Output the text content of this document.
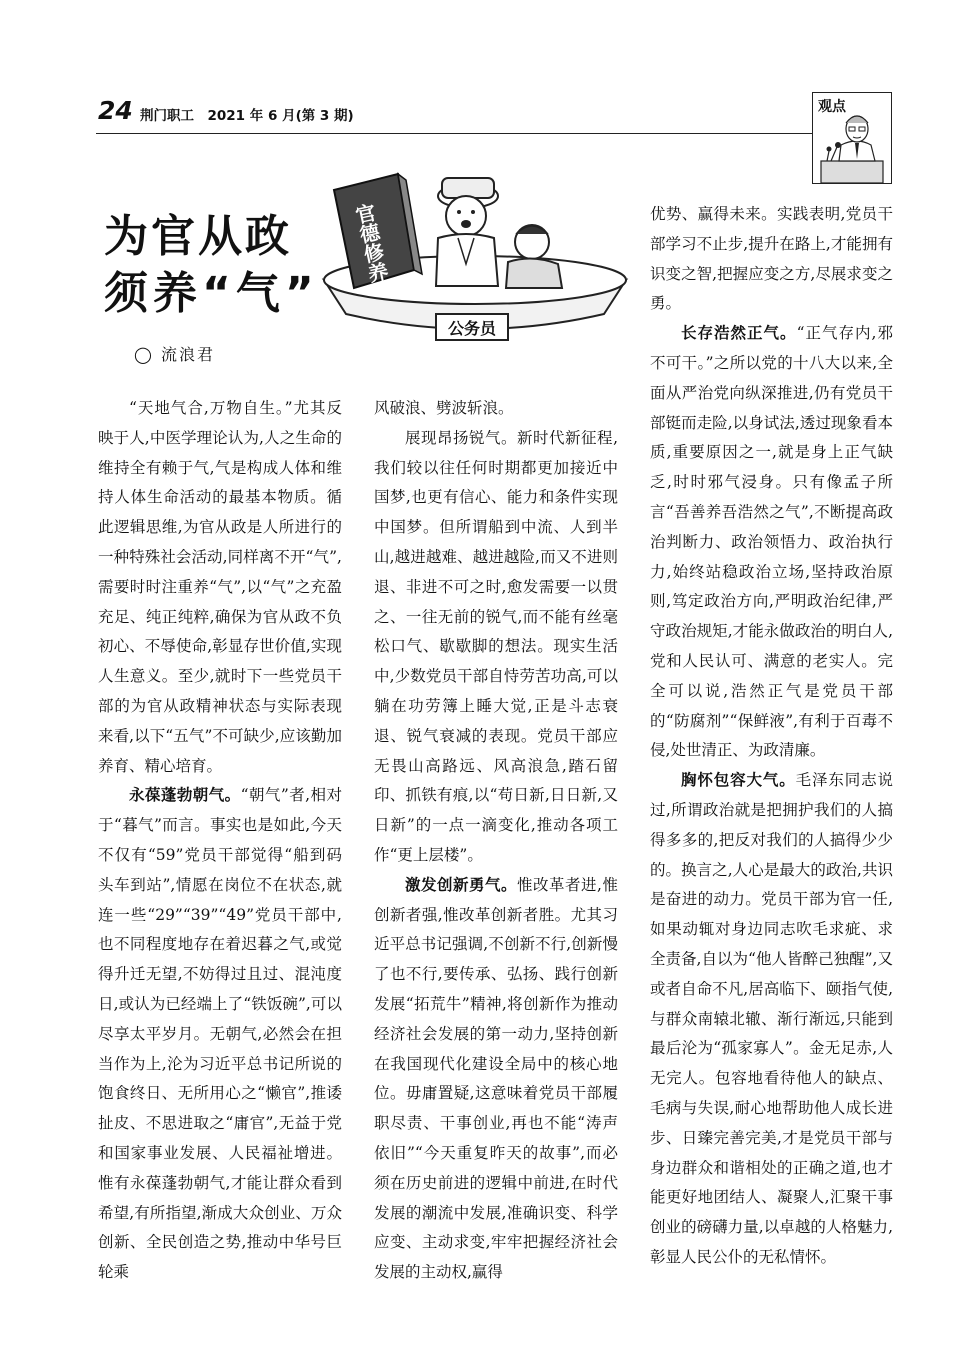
24 荆门职工　2021 年 6 月(第 3 期)
观点
为官从政
须养“气”
官德修养
公务员
◯ 流浪君

“天地气合,万物自生。”尤其反映于人,中医学理论认为,人之生命的维持全有赖于气,气是构成人体和维持人体生命活动的最基本物质。循此逻辑思维,为官从政是人所进行的一种特殊社会活动,同样离不开“气”,需要时时注重养“气”,以“气”之充盈充足、纯正纯粹,确保为官从政不负初心、不辱使命,彰显存世价值,实现人生意义。至少,就时下一些党员干部的为官从政精神状态与实际表现来看,以下“五气”不可缺少,应该勤加养育、精心培育。

永葆蓬勃朝气。“朝气”者,相对于“暮气”而言。事实也是如此,今天不仅有“59”党员干部觉得“船到码头车到站”,情愿在岗位不在状态,就连一些“29”“39”“49”党员干部中,也不同程度地存在着迟暮之气,或觉得升迁无望,不妨得过且过、混沌度日,或认为已经端上了“铁饭碗”,可以尽享太平岁月。无朝气,必然会在担当作为上,沦为习近平总书记所说的饱食终日、无所用心之“懒官”,推诿扯皮、不思进取之“庸官”,无益于党和国家事业发展、人民福祉增进。惟有永葆蓬勃朝气,才能让群众看到希望,有所指望,渐成大众创业、万众创新、全民创造之势,推动中华号巨轮乘

风破浪、劈波斩浪。

展现昂扬锐气。新时代新征程,我们较以往任何时期都更加接近中国梦,也更有信心、能力和条件实现中国梦。但所谓船到中流、人到半山,越进越难、越进越险,而又不进则退、非进不可之时,愈发需要一以贯之、一往无前的锐气,而不能有丝毫松口气、歇歇脚的想法。现实生活中,少数党员干部自恃劳苦功高,可以躺在功劳簿上睡大觉,正是斗志衰退、锐气衰减的表现。党员干部应无畏山高路远、风高浪急,踏石留印、抓铁有痕,以“苟日新,日日新,又日新”的一点一滴变化,推动各项工作“更上层楼”。

激发创新勇气。惟改革者进,惟创新者强,惟改革创新者胜。尤其习近平总书记强调,不创新不行,创新慢了也不行,要传承、弘扬、践行创新发展“拓荒牛”精神,将创新作为推动经济社会发展的第一动力,坚持创新在我国现代化建设全局中的核心地位。毋庸置疑,这意味着党员干部履职尽责、干事创业,再也不能“涛声依旧”“今天重复昨天的故事”,而必须在历史前进的逻辑中前进,在时代发展的潮流中发展,准确识变、科学应变、主动求变,牢牢把握经济社会发展的主动权,赢得

优势、赢得未来。实践表明,党员干部学习不止步,提升在路上,才能拥有识变之智,把握应变之方,尽展求变之勇。

长存浩然正气。“正气存内,邪不可干。”之所以党的十八大以来,全面从严治党向纵深推进,仍有党员干部铤而走险,以身试法,透过现象看本质,重要原因之一,就是身上正气缺乏,时时邪气浸身。只有像孟子所言“吾善养吾浩然之气”,不断提高政治判断力、政治领悟力、政治执行力,始终站稳政治立场,坚持政治原则,笃定政治方向,严明政治纪律,严守政治规矩,才能永做政治的明白人,党和人民认可、满意的老实人。完全可以说,浩然正气是党员干部的“防腐剂”“保鲜液”,有利于百毒不侵,处世清正、为政清廉。

胸怀包容大气。毛泽东同志说过,所谓政治就是把拥护我们的人搞得多多的,把反对我们的人搞得少少的。换言之,人心是最大的政治,共识是奋进的动力。党员干部为官一任,如果动辄对身边同志吹毛求疵、求全责备,自以为“他人皆醉己独醒”,又或者自命不凡,居高临下、颐指气使,与群众南辕北辙、渐行渐远,只能到最后沦为“孤家寡人”。金无足赤,人无完人。包容地看待他人的缺点、毛病与失误,耐心地帮助他人成长进步、日臻完善完美,才是党员干部与身边群众和谐相处的正确之道,也才能更好地团结人、凝聚人,汇聚干事创业的磅礴力量,以卓越的人格魅力,彰显人民公仆的无私情怀。
